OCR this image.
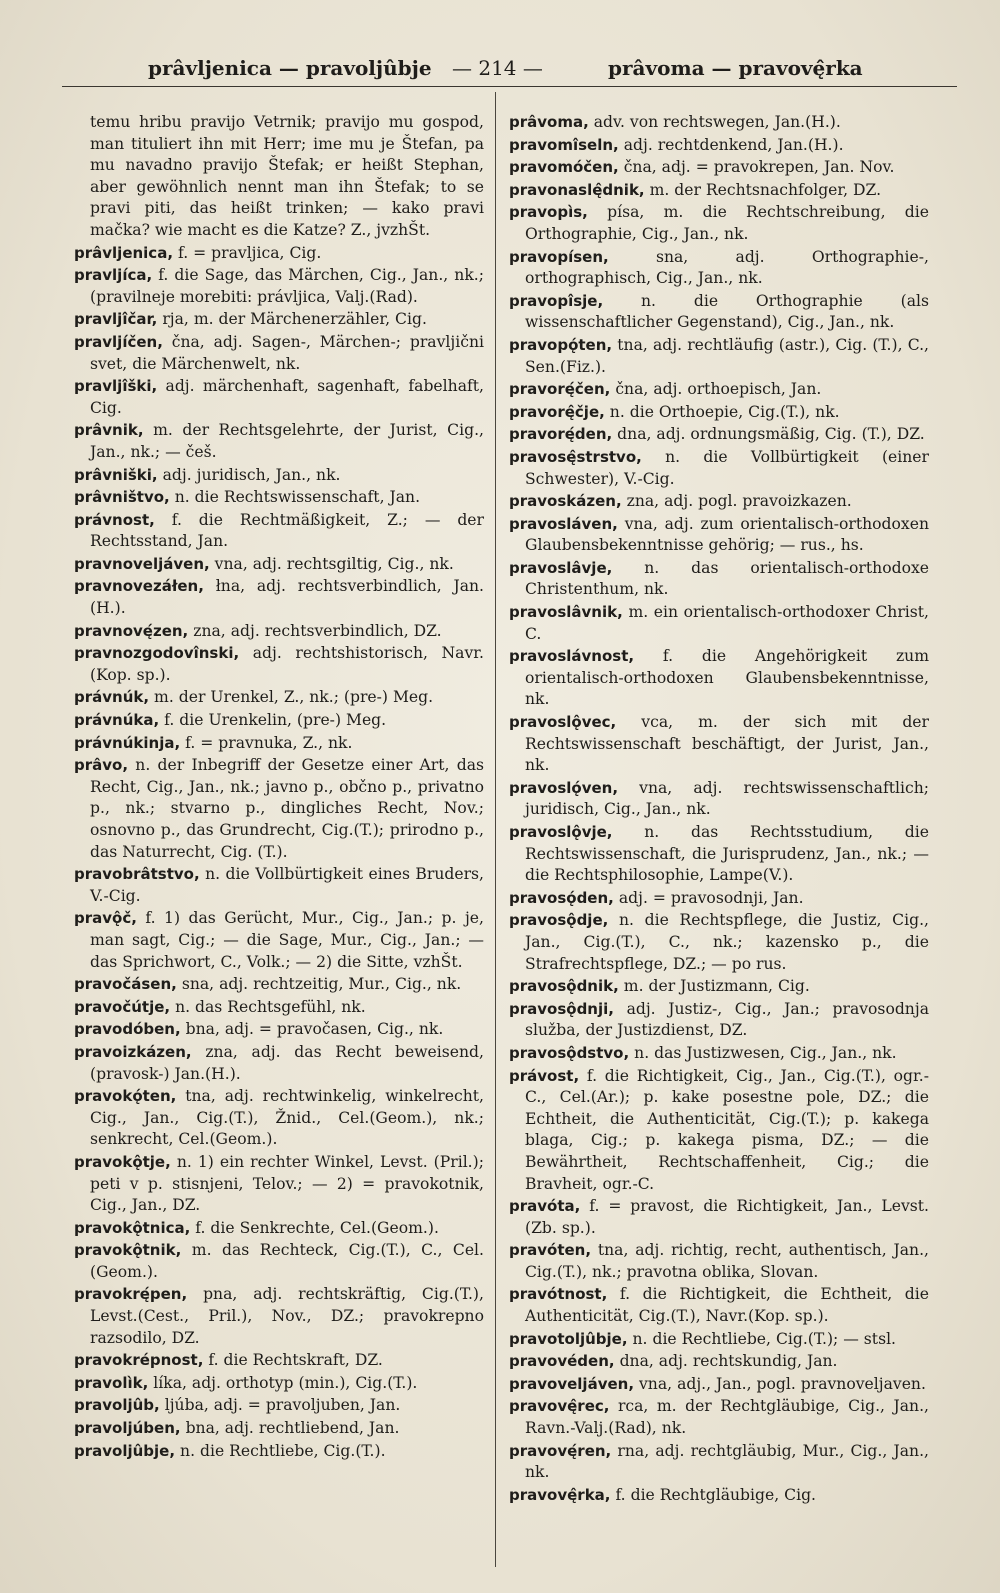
prâvljenica — pravoljûbje — 214 —	prâvoma — pravovę̂rka

temu hribu pravijo Vetrnik; pravijo mu gospod, man tituliert ihn mit Herr; ime mu je Štefan, pa mu navadno pravijo Štefak; er heißt Stephan, aber gewöhnlich nennt man ihn Štefak; to se pravi piti, das heißt trinken; — kako pravi mačka? wie macht es die Katze? Z., jvzhŠt.

prâvljenica, f. = pravljica, Cig.

pravljíca, f. die Sage, das Märchen, Cig., Jan., nk.; (pravilneje morebiti: právljica, Valj.(Rad).

pravljîčar, rja, m. der Märchenerzähler, Cig.

pravljíčen, čna, adj. Sagen-, Märchen-; pravljični svet, die Märchenwelt, nk.

pravljîški, adj. märchenhaft, sagenhaft, fabelhaft, Cig.

prâvnik, m. der Rechtsgelehrte, der Jurist, Cig., Jan., nk.; — češ.

prâvniški, adj. juridisch, Jan., nk.

prâvništvo, n. die Rechtswissenschaft, Jan.

právnost, f. die Rechtmäßigkeit, Z.; — der Rechtsstand, Jan.

pravnoveljáven, vna, adj. rechtsgiltig, Cig., nk.

pravnovezáłen, łna, adj. rechtsverbindlich, Jan. (H.).

pravnovę́zen, zna, adj. rechtsverbindlich, DZ.

pravnozgodovînski, adj. rechtshistorisch, Navr. (Kop. sp.).

právnúk, m. der Urenkel, Z., nk.; (pre-) Meg.

právnúka, f. die Urenkelin, (pre-) Meg.

právnúkinja, f. = pravnuka, Z., nk.

prâvo, n. der Inbegriff der Gesetze einer Art, das Recht, Cig., Jan., nk.; javno p., občno p., privatno p., nk.; stvarno p., dingliches Recht, Nov.; osnovno p., das Grundrecht, Cig.(T.); prirodno p., das Naturrecht, Cig. (T.).

pravobrâtstvo, n. die Vollbürtigkeit eines Bruders, V.-Cig.

pravǫ̂č, f. 1) das Gerücht, Mur., Cig., Jan.; p. je, man sagt, Cig.; — die Sage, Mur., Cig., Jan.; — das Sprichwort, C., Volk.; — 2) die Sitte, vzhŠt.

pravočásen, sna, adj. rechtzeitig, Mur., Cig., nk.

pravočútje, n. das Rechtsgefühl, nk.

pravodóben, bna, adj. = pravočasen, Cig., nk.

pravoizkázen, zna, adj. das Recht beweisend, (pravosk-) Jan.(H.).

pravokǫ́ten, tna, adj. rechtwinkelig, winkelrecht, Cig., Jan., Cig.(T.), Žnid., Cel.(Geom.), nk.; senkrecht, Cel.(Geom.).

pravokǫ̂tje, n. 1) ein rechter Winkel, Levst. (Pril.); peti v p. stisnjeni, Telov.; — 2) = pravokotnik, Cig., Jan., DZ.

pravokǫ̂tnica, f. die Senkrechte, Cel.(Geom.).

pravokǫ̂tnik, m. das Rechteck, Cig.(T.), C., Cel.(Geom.).

pravokrę́pen, pna, adj. rechtskräftig, Cig.(T.), Levst.(Cest., Pril.), Nov., DZ.; pravokrepno razsodilo, DZ.

pravokrépnost, f. die Rechtskraft, DZ.

pravolìk, líka, adj. orthotyp (min.), Cig.(T.).

pravoljûb, ljúba, adj. = pravoljuben, Jan.

pravoljúben, bna, adj. rechtliebend, Jan.

pravoljûbje, n. die Rechtliebe, Cig.(T.).

prâvoma, adv. von rechtswegen, Jan.(H.).

pravomîseln, adj. rechtdenkend, Jan.(H.).

pravomóčen, čna, adj. = pravokrepen, Jan. Nov.

pravonaslę̂dnik, m. der Rechtsnachfolger, DZ.

pravopìs, písa, m. die Rechtschreibung, die Orthographie, Cig., Jan., nk.

pravopísen,	sna, adj. Orthographie-, orthographisch, Cig., Jan., nk.

pravopîsje, n. die Orthographie (als wissenschaftlicher Gegenstand), Cig., Jan., nk.

pravopǫ́ten, tna, adj. rechtläufig (astr.), Cig. (T.), C., Sen.(Fiz.).

pravorę́čen, čna, adj. orthoepisch, Jan.

pravorę̂čje, n. die Orthoepie, Cig.(T.), nk.

pravorę́den, dna, adj. ordnungsmäßig, Cig. (T.), DZ.

pravosę̂strstvo, n. die Vollbürtigkeit (einer Schwester), V.-Cig.

pravoskázen, zna, adj. pogl. pravoizkazen.

pravosláven, vna, adj. zum orientalisch-orthodoxen Glaubensbekenntnisse gehörig; — rus., hs.

pravoslâvje, n. das orientalisch-orthodoxe Christenthum, nk.

pravoslâvnik, m. ein orientalisch-orthodoxer Christ, C.

pravoslávnost, f. die Angehörigkeit zum orientalisch-orthodoxen Glaubensbekenntnisse, nk.

pravoslǫ̂vec, vca, m. der sich mit der Rechtswissenschaft beschäftigt, der Jurist, Jan., nk.

pravoslǫ́ven, vna, adj. rechtswissenschaftlich; juridisch, Cig., Jan., nk.

pravoslǫ̂vje, n. das Rechtsstudium, die Rechtswissenschaft, die Jurisprudenz, Jan., nk.; — die Rechtsphilosophie, Lampe(V.).

pravosǫ́den, adj. = pravosodnji, Jan.

pravosǫ̂dje, n. die Rechtspflege, die Justiz, Cig., Jan., Cig.(T.), C., nk.; kazensko p., die Strafrechtspflege, DZ.; — po rus.

pravosǫ̂dnik, m. der Justizmann, Cig.

pravosǫ̂dnji, adj. Justiz-, Cig., Jan.; pravosodnja služba, der Justizdienst, DZ.

pravosǫ̂dstvo, n. das Justizwesen, Cig., Jan., nk.

právost, f. die Richtigkeit, Cig., Jan., Cig.(T.), ogr.-C., Cel.(Ar.); p. kake posestne pole, DZ.; die Echtheit, die Authenticität, Cig.(T.); p. kakega blaga, Cig.; p. kakega pisma, DZ.; — die Bewährtheit, Rechtschaffenheit, Cig.; die Bravheit, ogr.-C.

pravóta, f. = pravost, die Richtigkeit, Jan., Levst.(Zb. sp.).

pravóten, tna, adj. richtig, recht, authentisch, Jan., Cig.(T.), nk.; pravotna oblika, Slovan.

pravótnost, f. die Richtigkeit, die Echtheit, die Authenticität, Cig.(T.), Navr.(Kop. sp.).

pravotoljûbje, n. die Rechtliebe, Cig.(T.); — stsl.

pravovéden, dna, adj. rechtskundig, Jan.

pravoveljáven, vna, adj., Jan., pogl. pravnoveljaven.

pravovę̂rec, rca, m. der Rechtgläubige, Cig., Jan., Ravn.-Valj.(Rad), nk.

pravovę́ren, rna, adj. rechtgläubig, Mur., Cig., Jan., nk.

pravovę̂rka, f. die Rechtgläubige, Cig.
